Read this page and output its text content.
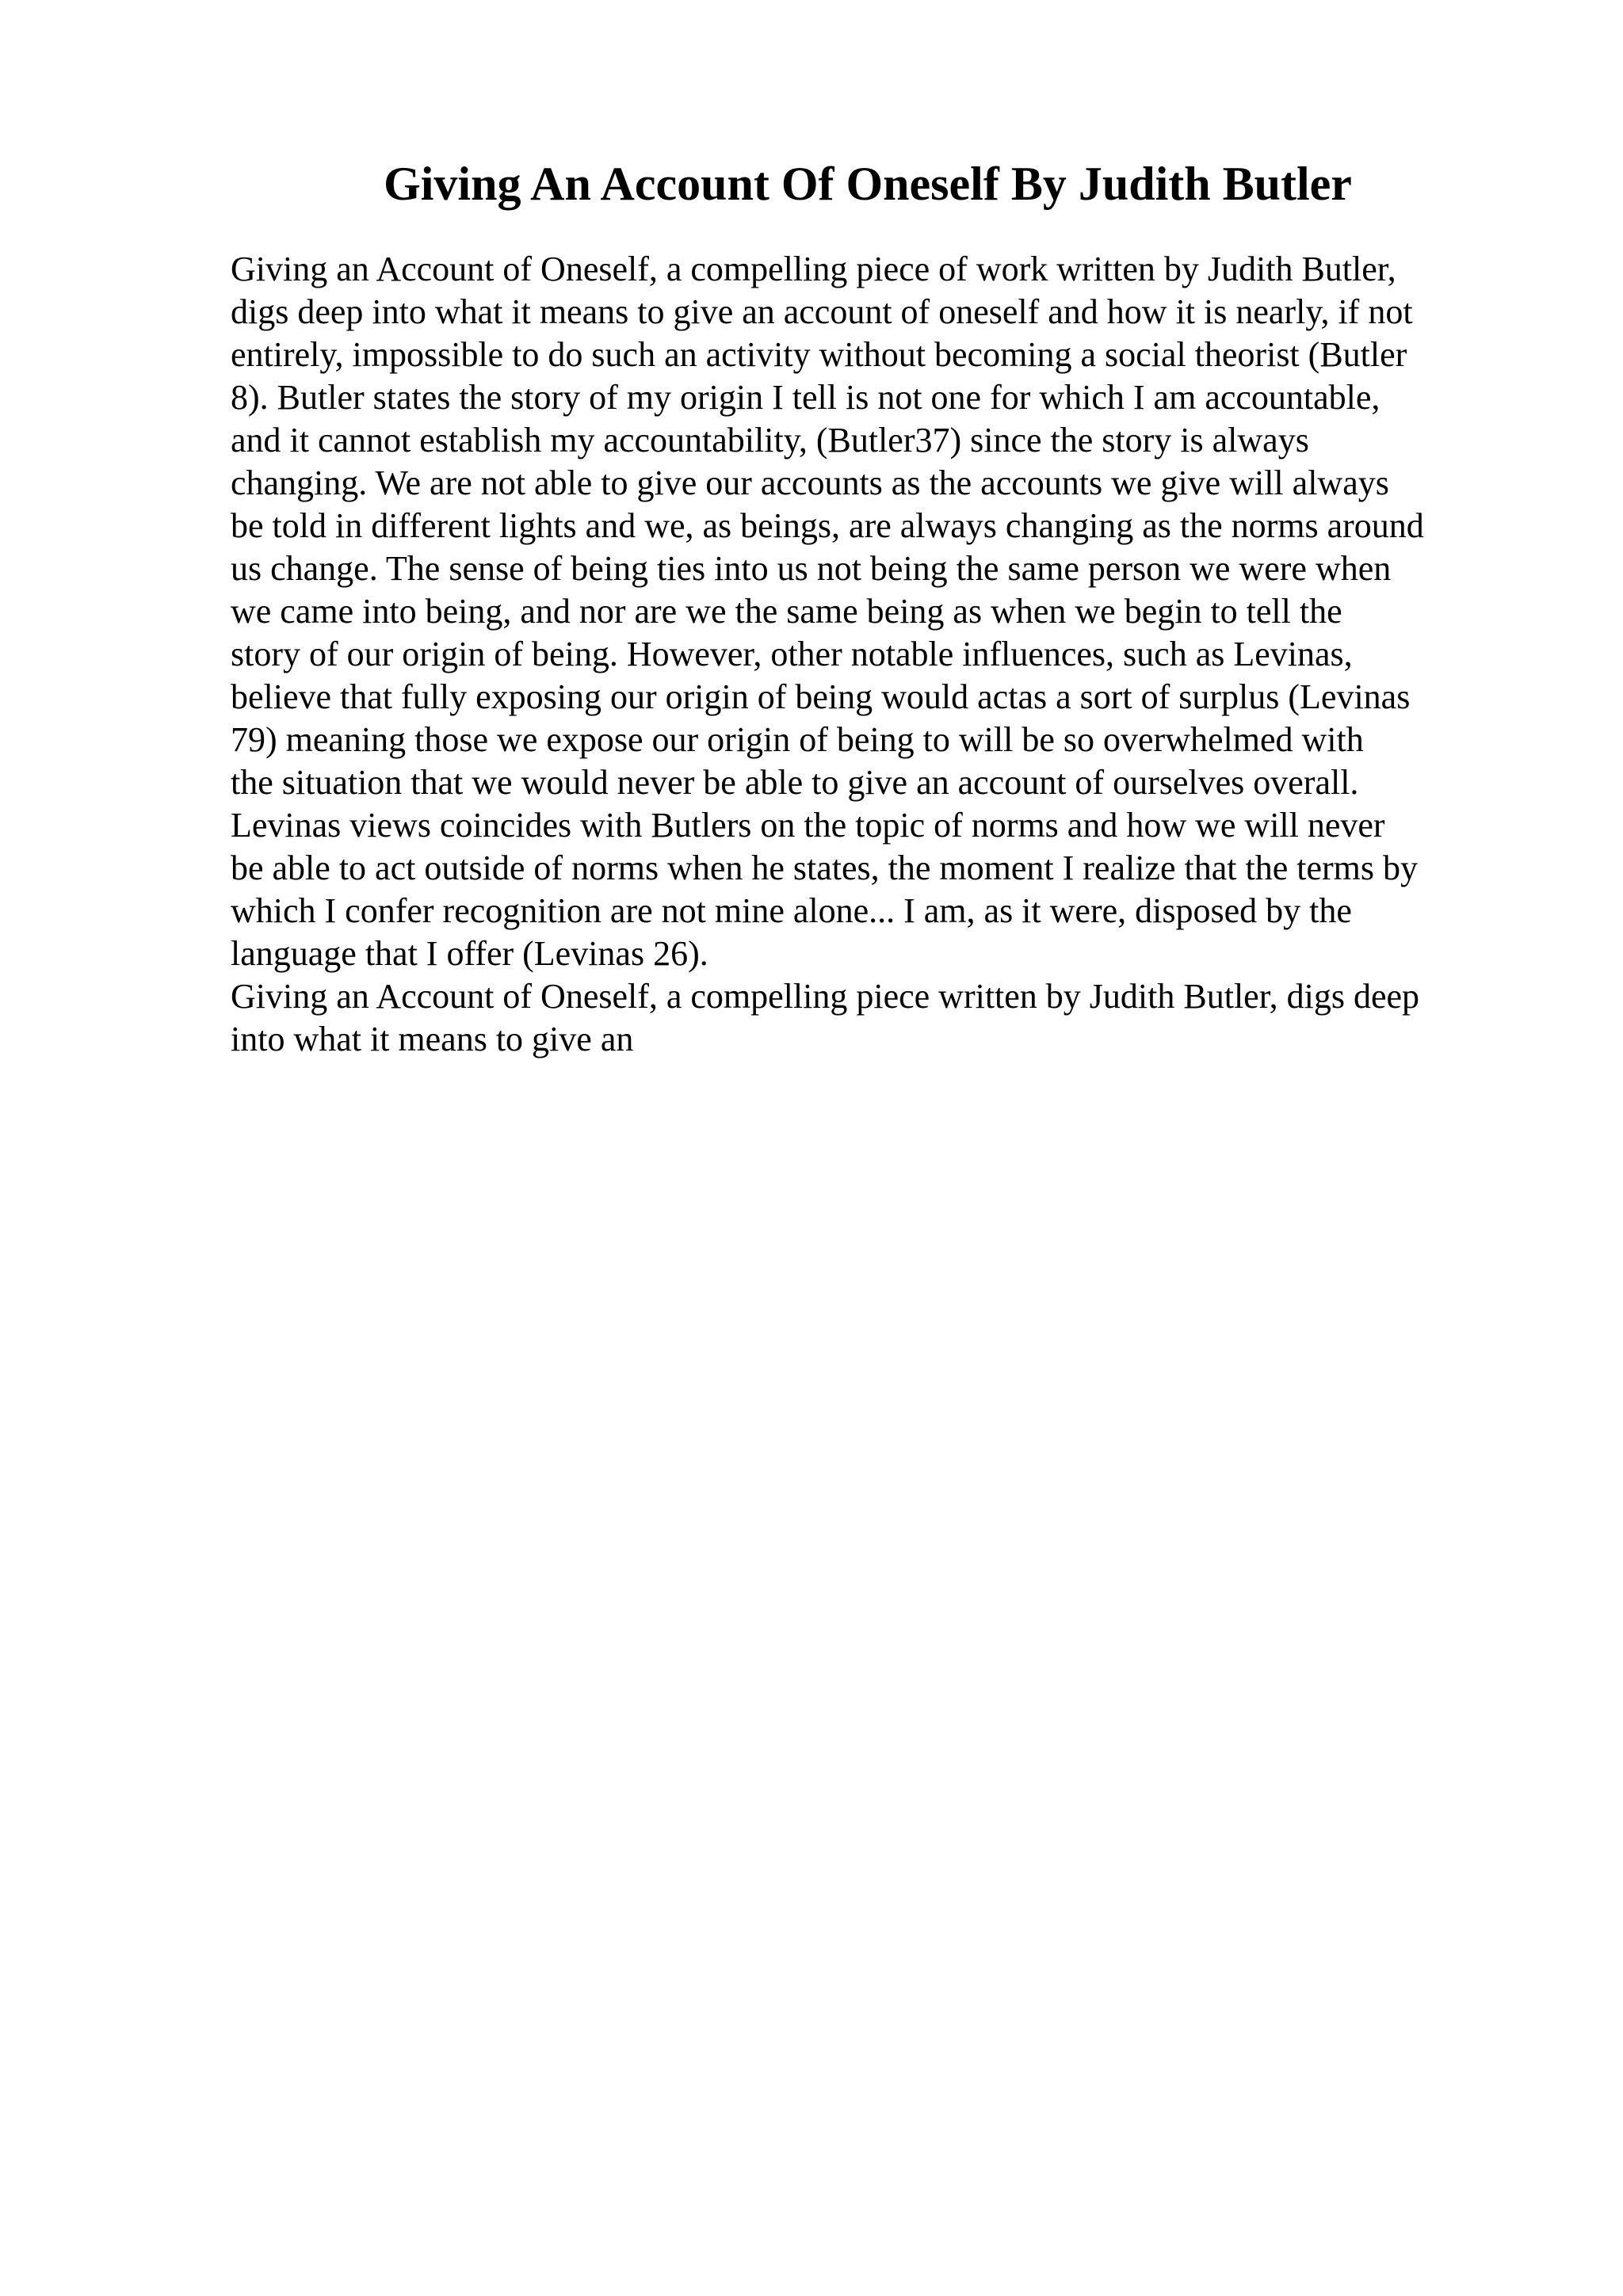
Giving An Account Of Oneself By Judith Butler
Giving an Account of Oneself, a compelling piece of work written by Judith Butler,
digs deep into what it means to give an account of oneself and how it is nearly, if not
entirely, impossible to do such an activity without becoming a social theorist (Butler
8). Butler states the story of my origin I tell is not one for which I am accountable,
and it cannot establish my accountability, (Butler37) since the story is always
changing. We are not able to give our accounts as the accounts we give will always
be told in different lights and we, as beings, are always changing as the norms around
us change. The sense of being ties into us not being the same person we were when
we came into being, and nor are we the same being as when we begin to tell the
story of our origin of being. However, other notable influences, such as Levinas,
believe that fully exposing our origin of being would actas a sort of surplus (Levinas
79) meaning those we expose our origin of being to will be so overwhelmed with
the situation that we would never be able to give an account of ourselves overall.
Levinas views coincides with Butlers on the topic of norms and how we will never
be able to act outside of norms when he states, the moment I realize that the terms by
which I confer recognition are not mine alone... I am, as it were, disposed by the
language that I offer (Levinas 26).
Giving an Account of Oneself, a compelling piece written by Judith Butler, digs deep
into what it means to give an
